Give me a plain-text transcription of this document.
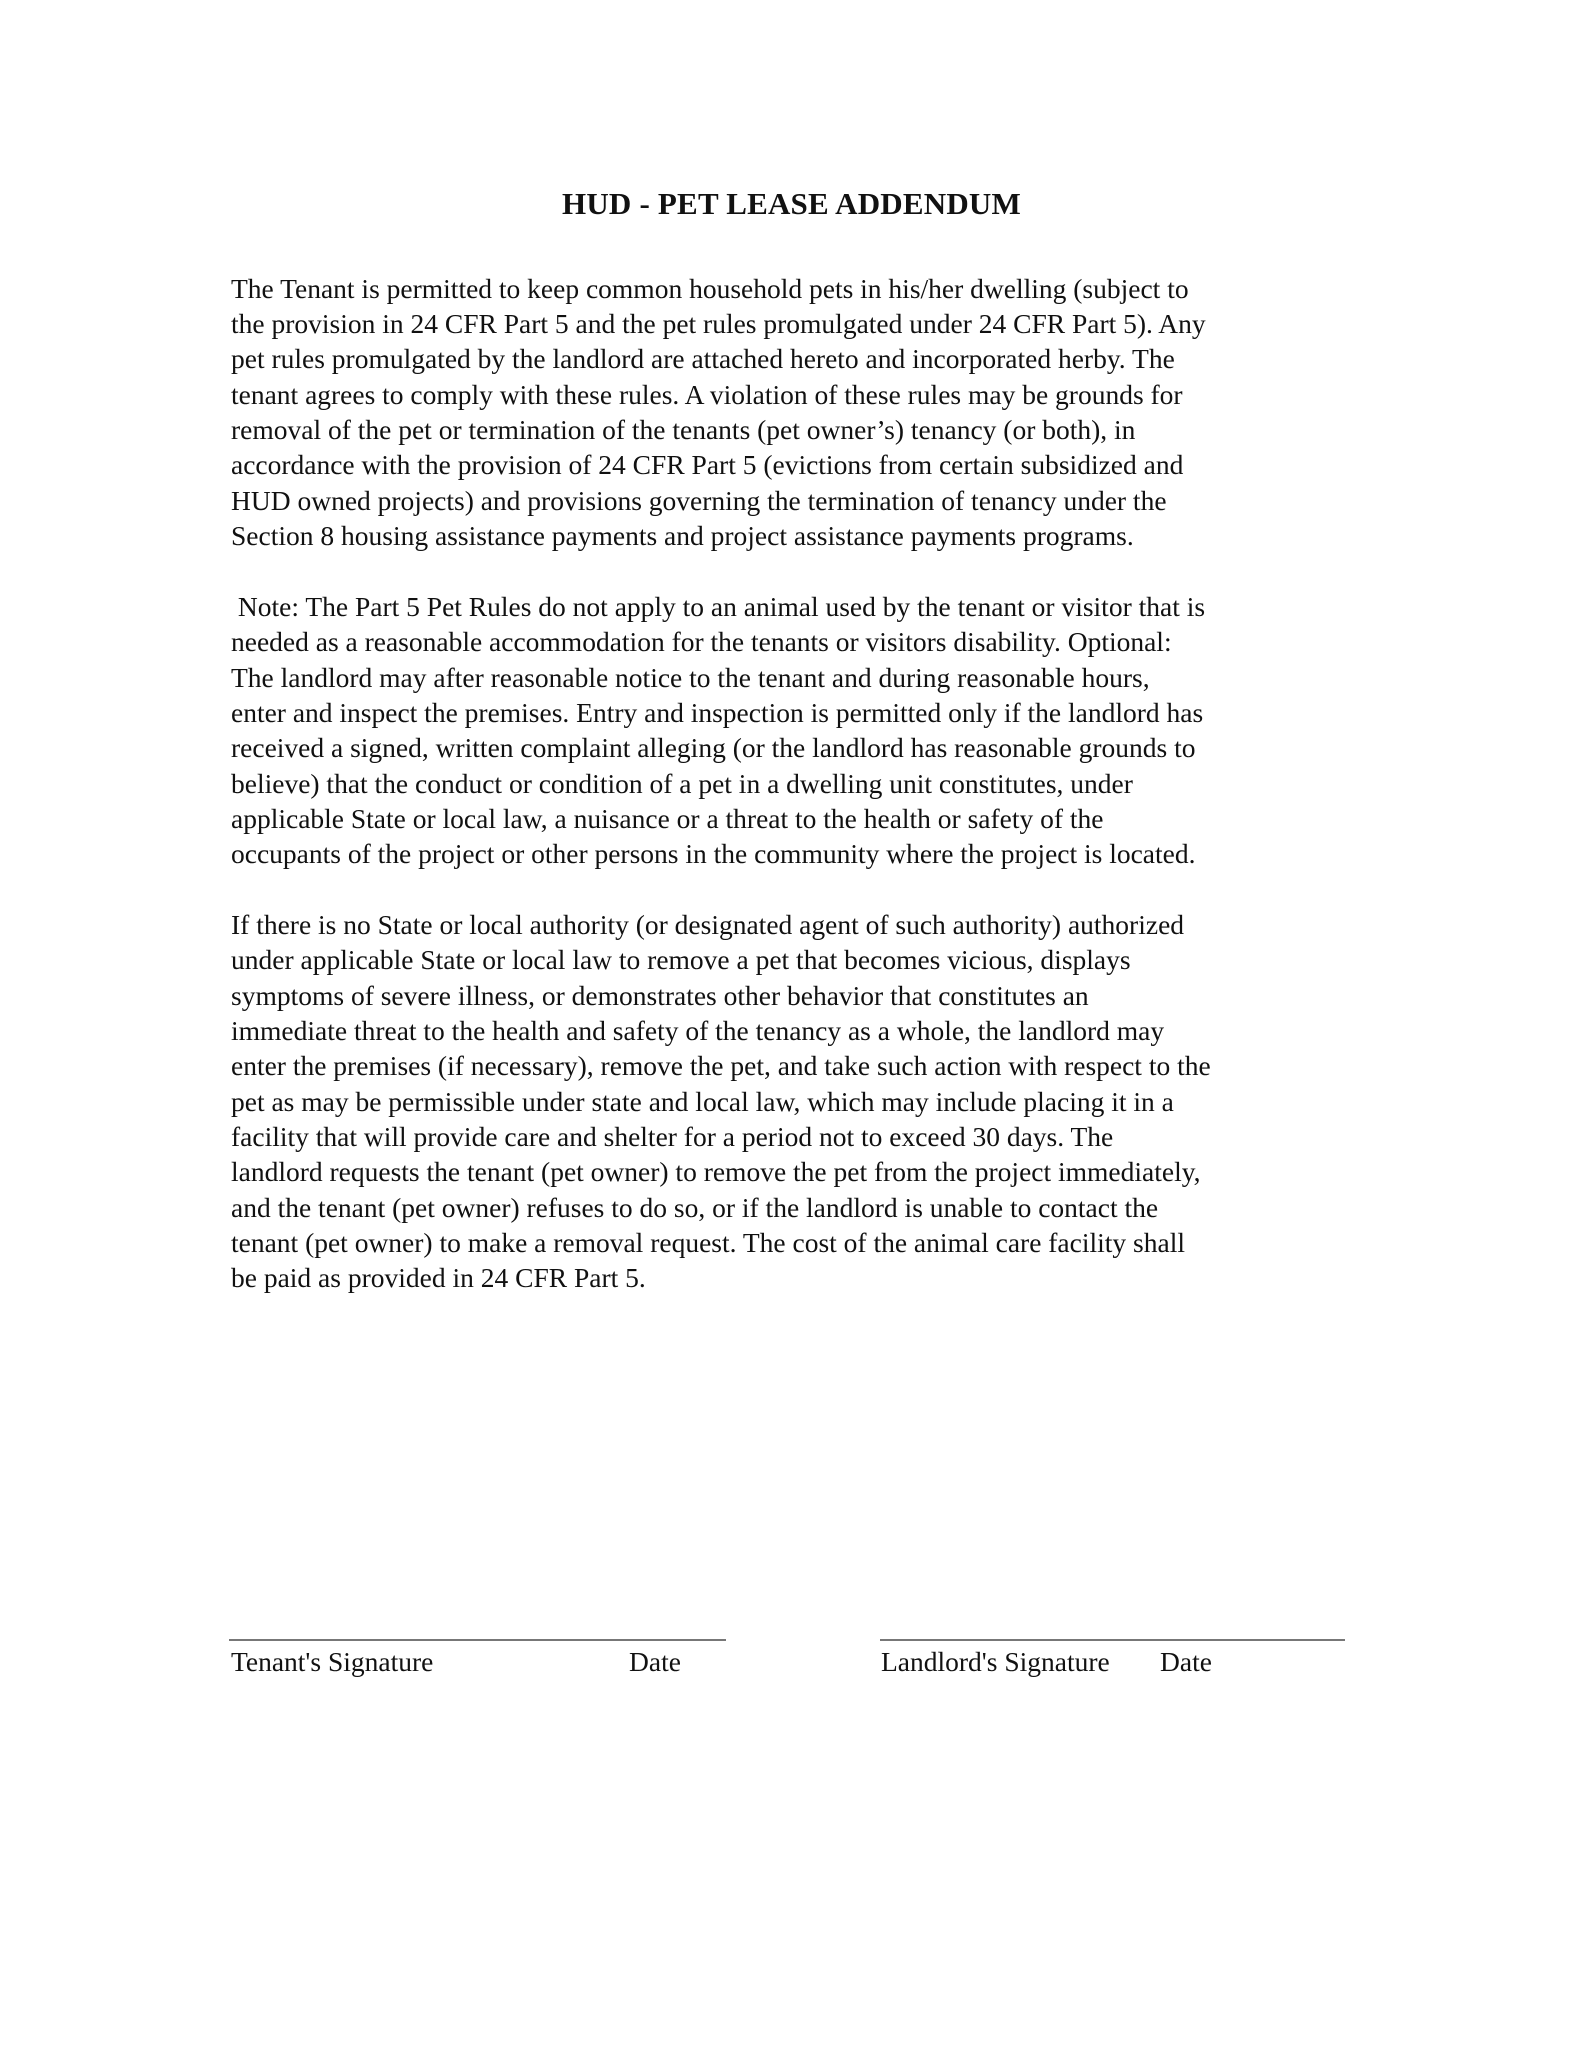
HUD - PET LEASE ADDENDUM
The Tenant is permitted to keep common household pets in his/her dwelling (subject to
the provision in 24 CFR Part 5 and the pet rules promulgated under 24 CFR Part 5). Any
pet rules promulgated by the landlord are attached hereto and incorporated herby. The
tenant agrees to comply with these rules. A violation of these rules may be grounds for
removal of the pet or termination of the tenants (pet owner’s) tenancy (or both), in
accordance with the provision of 24 CFR Part 5 (evictions from certain subsidized and
HUD owned projects) and provisions governing the termination of tenancy under the
Section 8 housing assistance payments and project assistance payments programs.
Note: The Part 5 Pet Rules do not apply to an animal used by the tenant or visitor that is
needed as a reasonable accommodation for the tenants or visitors disability. Optional:
The landlord may after reasonable notice to the tenant and during reasonable hours,
enter and inspect the premises. Entry and inspection is permitted only if the landlord has
received a signed, written complaint alleging (or the landlord has reasonable grounds to
believe) that the conduct or condition of a pet in a dwelling unit constitutes, under
applicable State or local law, a nuisance or a threat to the health or safety of the
occupants of the project or other persons in the community where the project is located.
If there is no State or local authority (or designated agent of such authority) authorized
under applicable State or local law to remove a pet that becomes vicious, displays
symptoms of severe illness, or demonstrates other behavior that constitutes an
immediate threat to the health and safety of the tenancy as a whole, the landlord may
enter the premises (if necessary), remove the pet, and take such action with respect to the
pet as may be permissible under state and local law, which may include placing it in a
facility that will provide care and shelter for a period not to exceed 30 days. The
landlord requests the tenant (pet owner) to remove the pet from the project immediately,
and the tenant (pet owner) refuses to do so, or if the landlord is unable to contact the
tenant (pet owner) to make a removal request. The cost of the animal care facility shall
be paid as provided in 24 CFR Part 5.
Tenant's Signature	Date	Landlord's Signature Date
